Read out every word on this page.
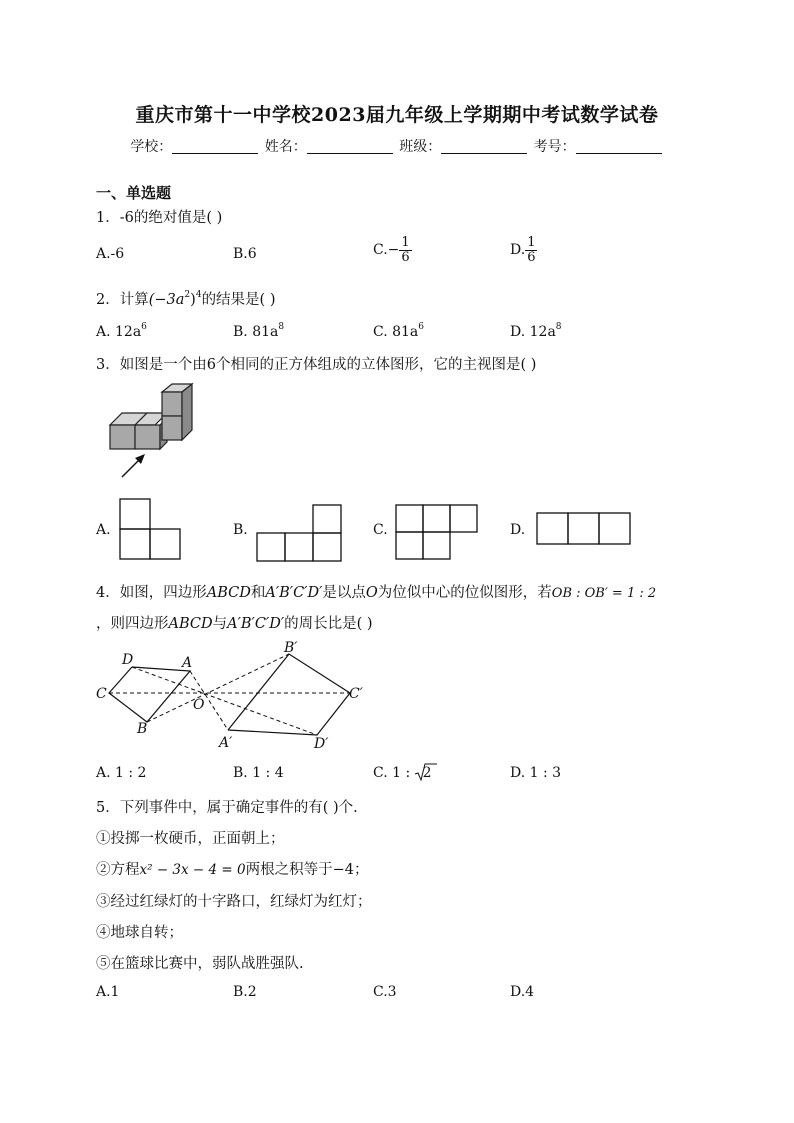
重庆市第十一中学校2023届九年级上学期期中考试数学试卷
学校：	姓名：	班级：	考号：
一、单选题
1．-6的绝对值是( )
A.-6	B.6	$C.- \frac{1}{6}$	D. $\frac{1}{6}$
2．计算$(-3a^2)^4$的结果是( )
A. $12a^6$	B. $81a^8$	C. $81a^6$	D. $12a^8$
3．如图是一个由6个相同的正方体组成的立体图形，它的主视图是( )
A.	B.	C.	D.
4．如图，四边形ABCD和A′B′C′D′是以点O为位似中心的位似图形，若OB : OB′ = 1 : 2
，则四边形ABCD与A′B′C′D′的周长比是( )
D	A
C
B
O
B′
C′
A′	D′
A. 1 : 2	B. 1 : 4	C. 1 : 2	D. 1 : 3
5．下列事件中，属于确定事件的有( )个.
①投掷一枚硬币，正面朝上；
②方程x² − 3x − 4 = 0两根之积等于−4；
③经过红绿灯的十字路口，红绿灯为红灯；
④地球自转；
⑤在篮球比赛中，弱队战胜强队.
A.1	B.2	C.3	D.4
